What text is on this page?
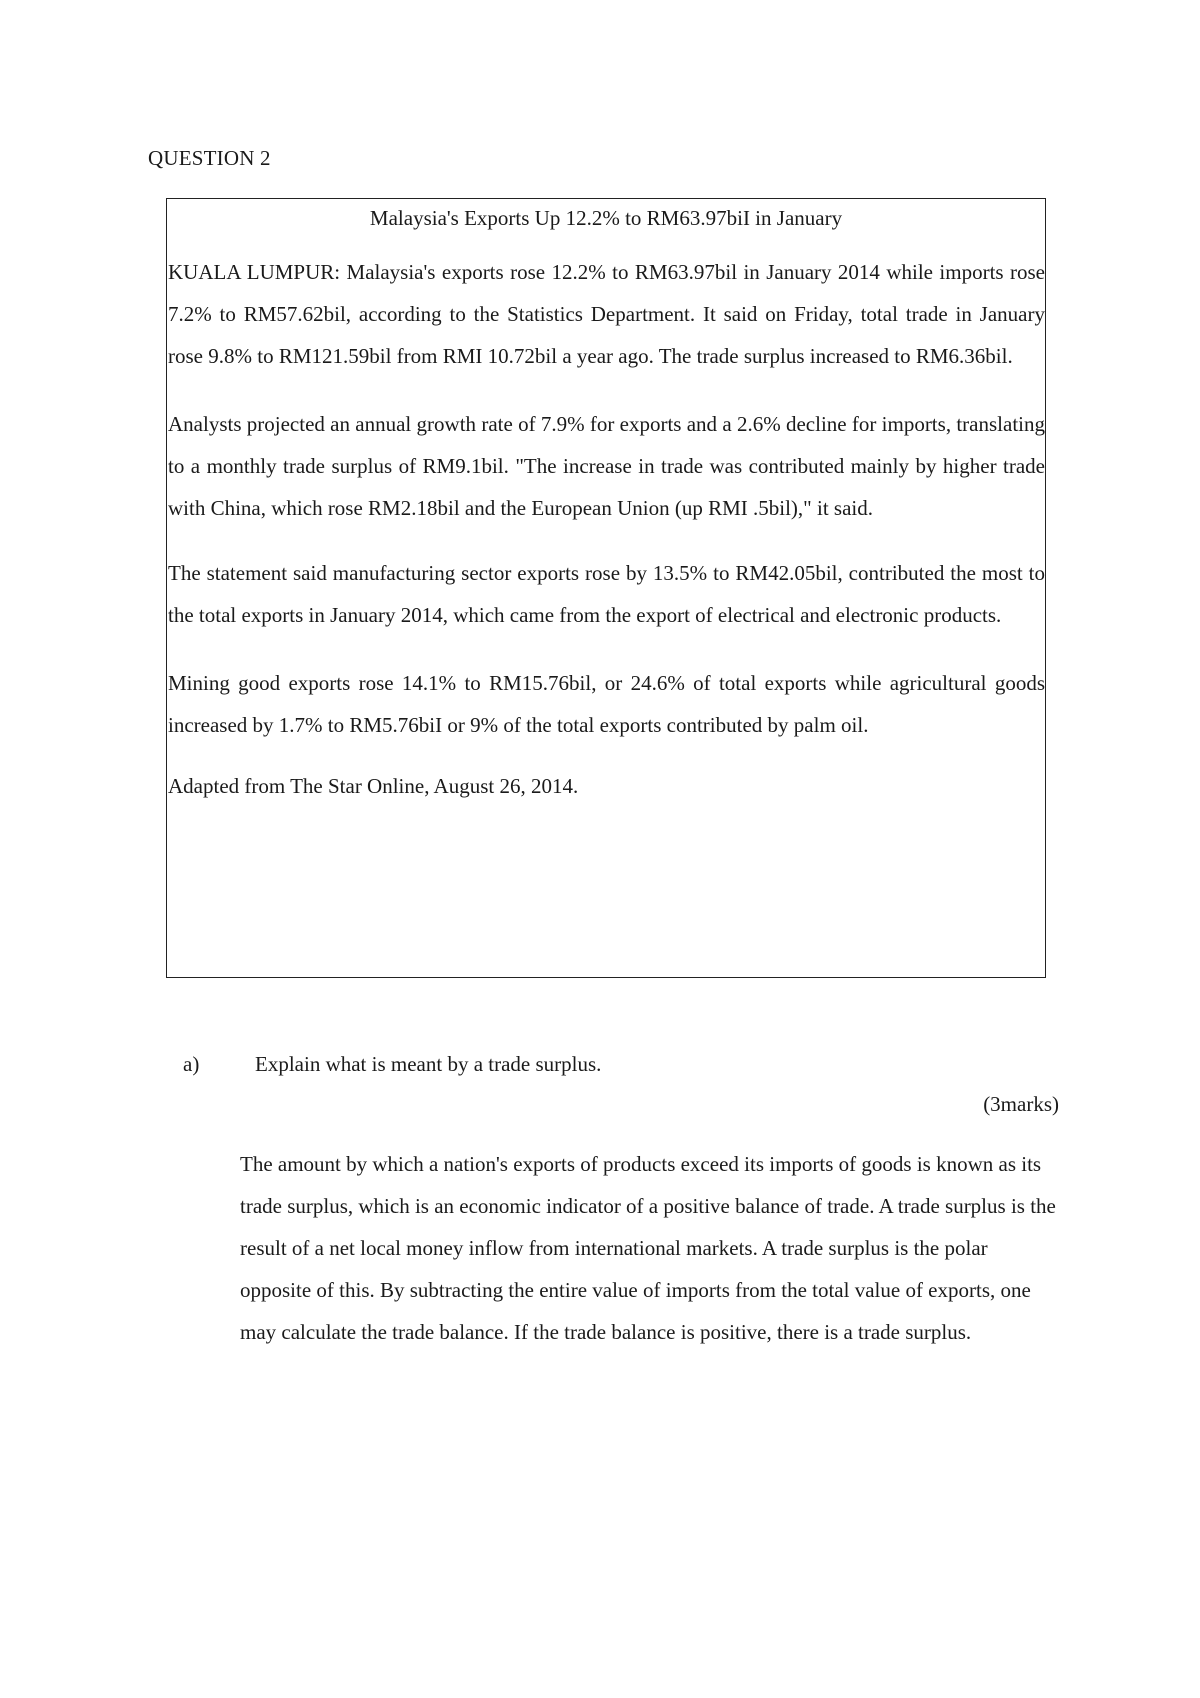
QUESTION 2
Malaysia's Exports Up 12.2% to RM63.97biI in January

KUALA LUMPUR: Malaysia's exports rose 12.2% to RM63.97bil in January 2014 while imports rose 7.2% to RM57.62bil, according to the Statistics Department. It said on Friday, total trade in January rose 9.8% to RM121.59bil from RMI 10.72bil a year ago. The trade surplus increased to RM6.36bil.

Analysts projected an annual growth rate of 7.9% for exports and a 2.6% decline for imports, translating to a monthly trade surplus of RM9.1bil. "The increase in trade was contributed mainly by higher trade with China, which rose RM2.18bil and the European Union (up RMI .5bil)," it said.

The statement said manufacturing sector exports rose by 13.5% to RM42.05bil, contributed the most to the total exports in January 2014, which came from the export of electrical and electronic products.

Mining good exports rose 14.1% to RM15.76bil, or 24.6% of total exports while agricultural goods increased by 1.7% to RM5.76biI or 9% of the total exports contributed by palm oil.

Adapted from The Star Online, August 26, 2014.

a)	Explain what is meant by a trade surplus.
(3marks)

The amount by which a nation's exports of products exceed its imports of goods is known as its trade surplus, which is an economic indicator of a positive balance of trade. A trade surplus is the result of a net local money inflow from international markets. A trade surplus is the polar opposite of this. By subtracting the entire value of imports from the total value of exports, one may calculate the trade balance. If the trade balance is positive, there is a trade surplus.
